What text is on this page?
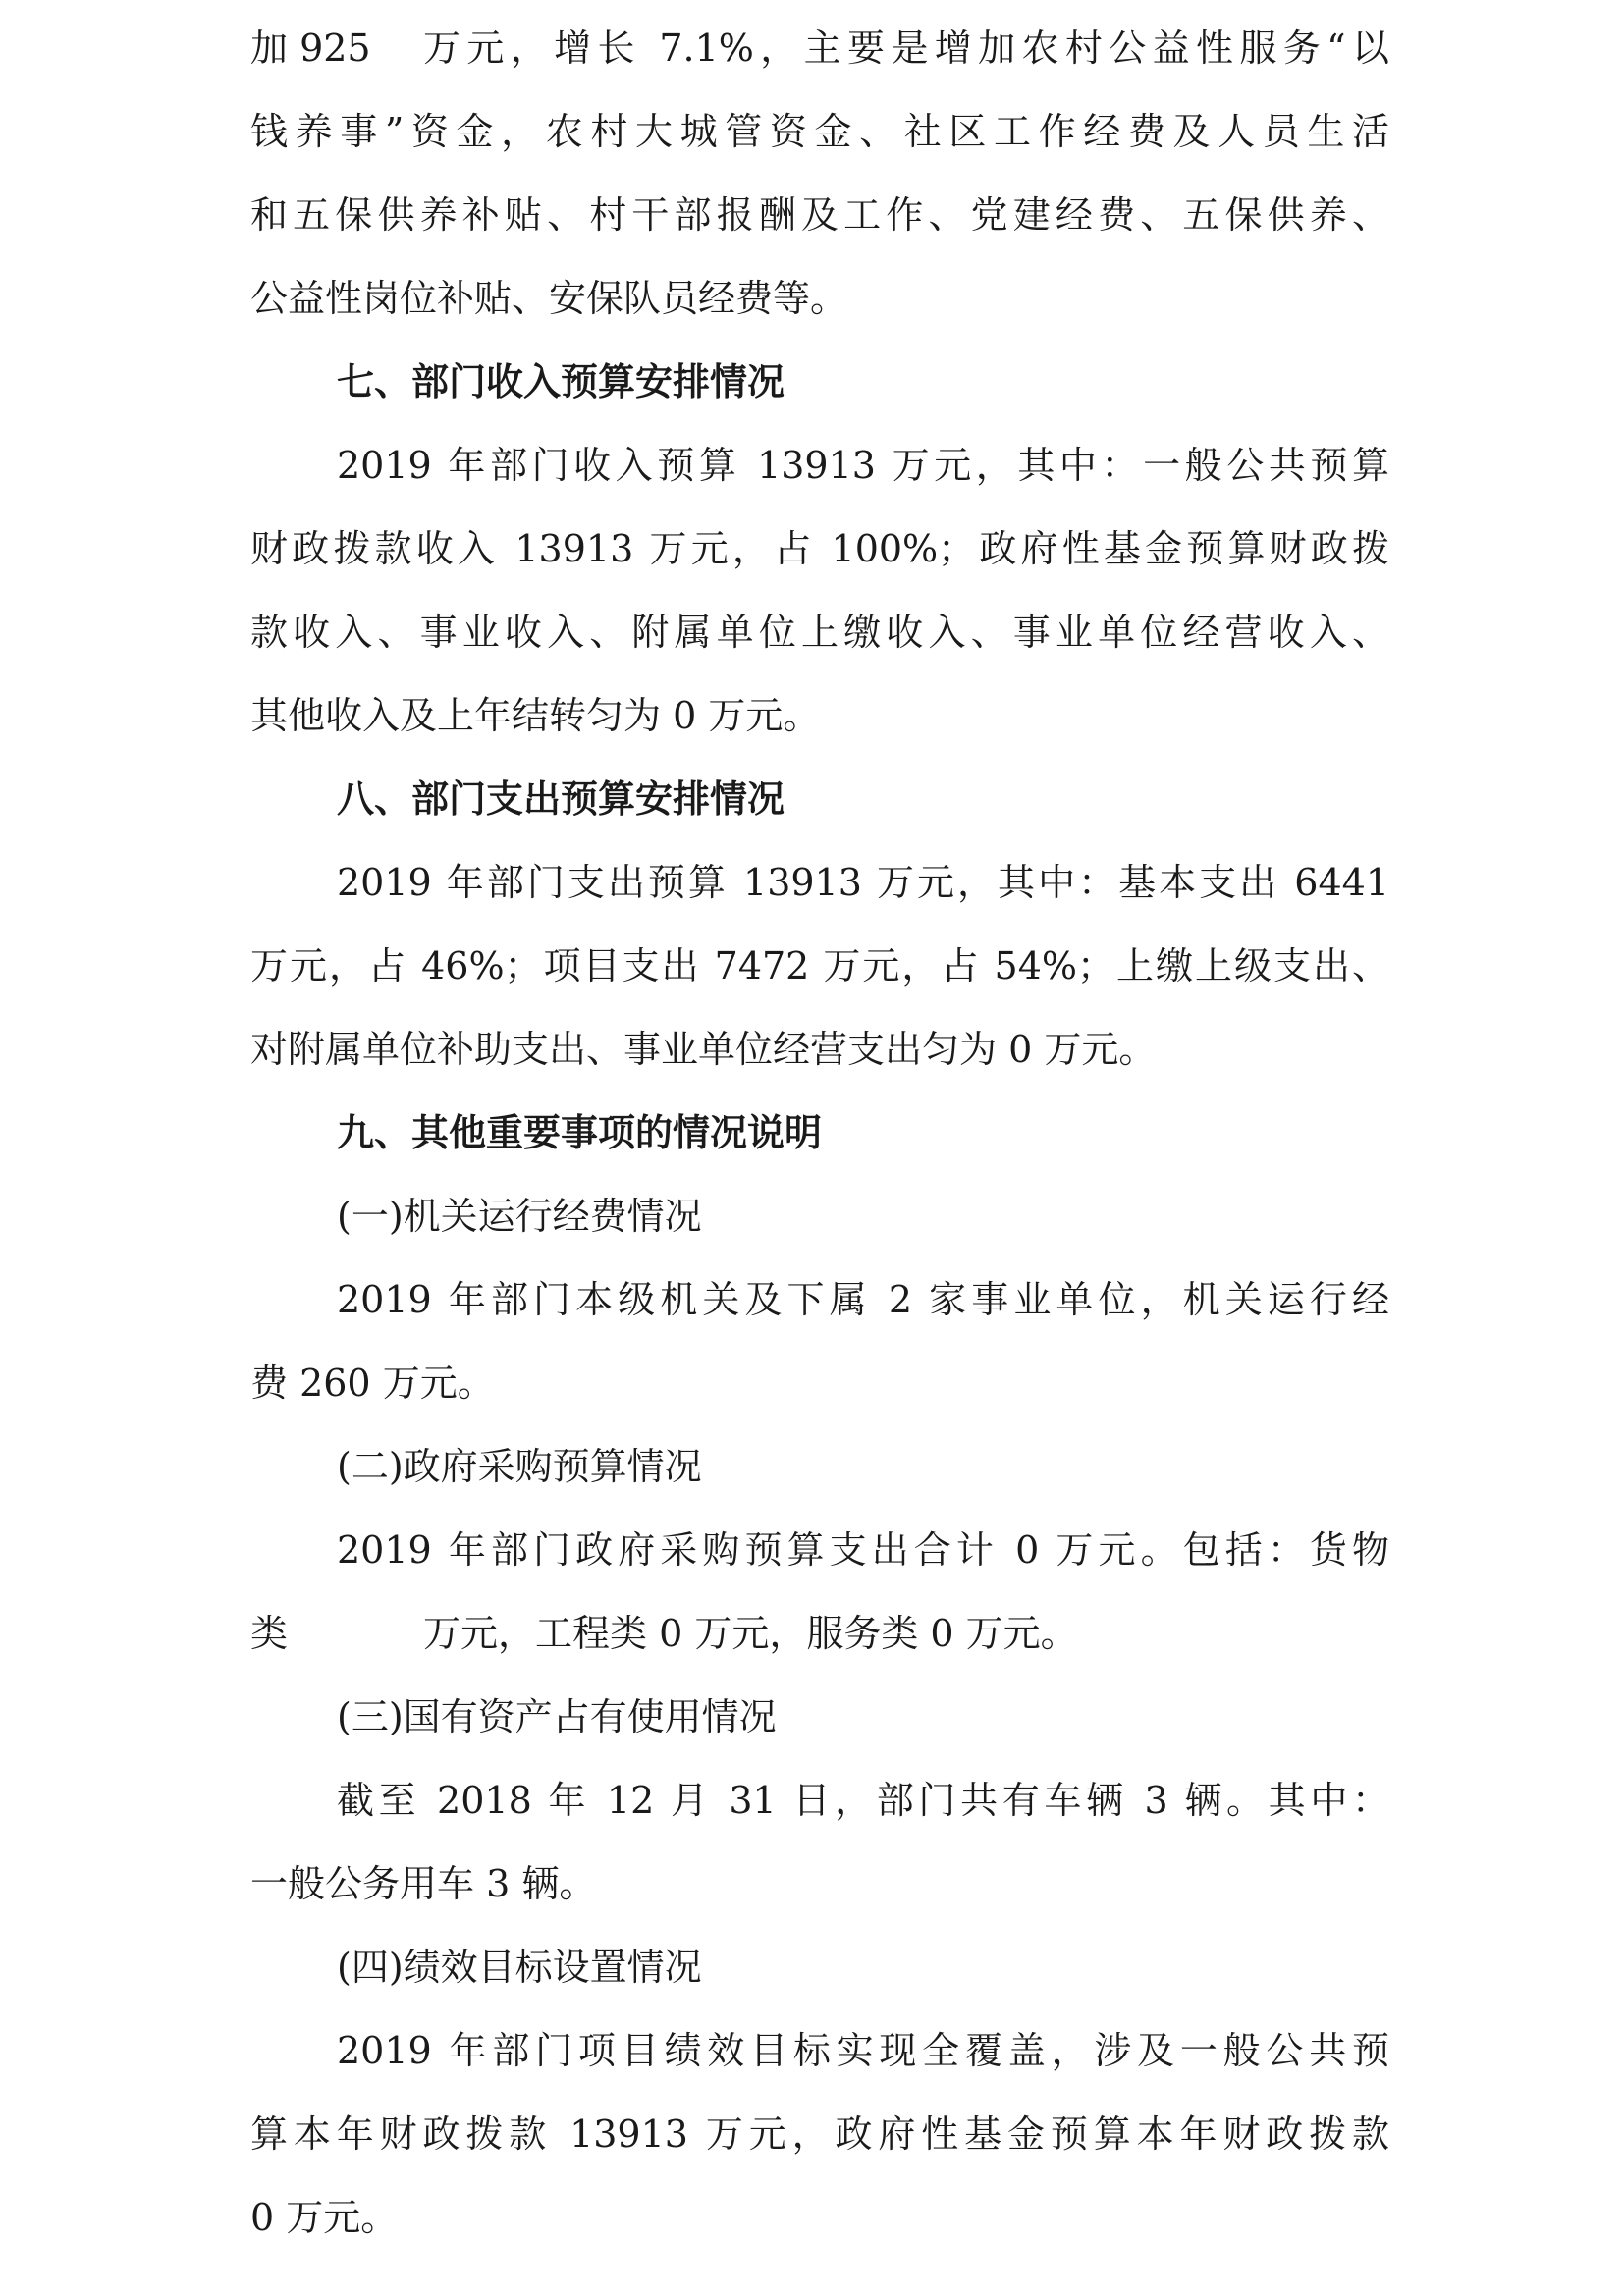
加 925	万元，增长 7.1%，主要是增加农村公益性服务“以
钱养事”资金，农村大城管资金、社区工作经费及人员生活
和五保供养补贴、村干部报酬及工作、党建经费、五保供养、
公益性岗位补贴、安保队员经费等。
七、部门收入预算安排情况
2019 年部门收入预算 13913 万元，其中：一般公共预算
财政拨款收入 13913 万元，占 100%；政府性基金预算财政拨
款收入、事业收入、附属单位上缴收入、事业单位经营收入、
其他收入及上年结转匀为 0 万元。
八、部门支出预算安排情况
2019 年部门支出预算 13913 万元，其中：基本支出 6441
万元，占 46%；项目支出 7472 万元，占 54%；上缴上级支出、
对附属单位补助支出、事业单位经营支出匀为 0 万元。
九、其他重要事项的情况说明
(一)机关运行经费情况
2019 年部门本级机关及下属 2 家事业单位，机关运行经
费 260 万元。
(二)政府采购预算情况
2019 年部门政府采购预算支出合计 0 万元。包括：货物
类	万元，工程类 0 万元，服务类 0 万元。
(三)国有资产占有使用情况
截至 2018 年 12 月 31 日，部门共有车辆 3 辆。其中：
一般公务用车 3 辆。
(四)绩效目标设置情况
2019 年部门项目绩效目标实现全覆盖，涉及一般公共预
算本年财政拨款 13913 万元，政府性基金预算本年财政拨款
0 万元。
